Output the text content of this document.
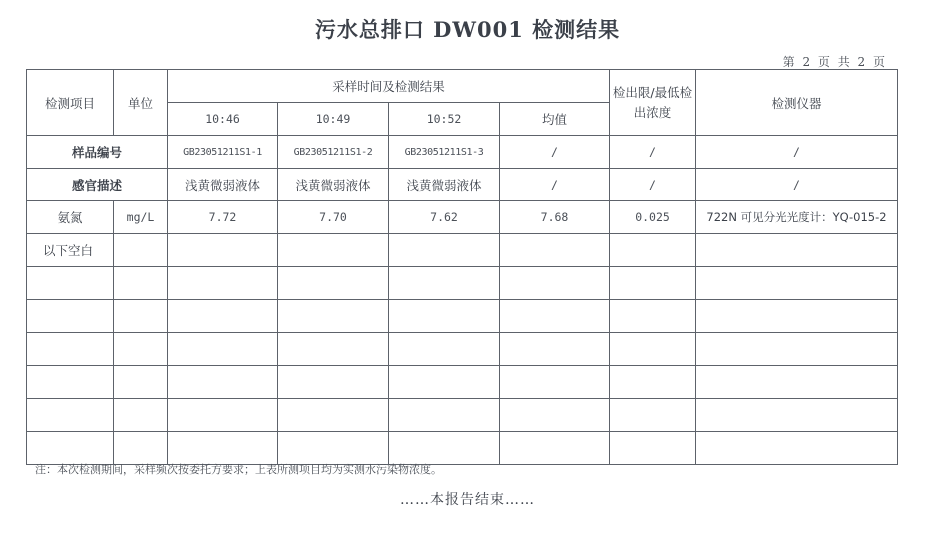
污水总排口 DW001 检测结果
第 2 页 共 2 页
检测项目	单位	采样时间及检测结果				检出限/最低检出浓度	检测仪器
		10:46	10:49	10:52	均值		
样品编号		GB23051211S1-1	GB23051211S1-2	GB23051211S1-3	/	/	/
感官描述		浅黄微弱液体	浅黄微弱液体	浅黄微弱液体	/	/	/
氨氮	mg/L	7.72	7.70	7.62	7.68	0.025	722N 可见分光光度计：YQ-015-2
以下空白							

注：本次检测期间，采样频次按委托方要求；上表所测项目均为实测水污染物浓度。
……本报告结束……
